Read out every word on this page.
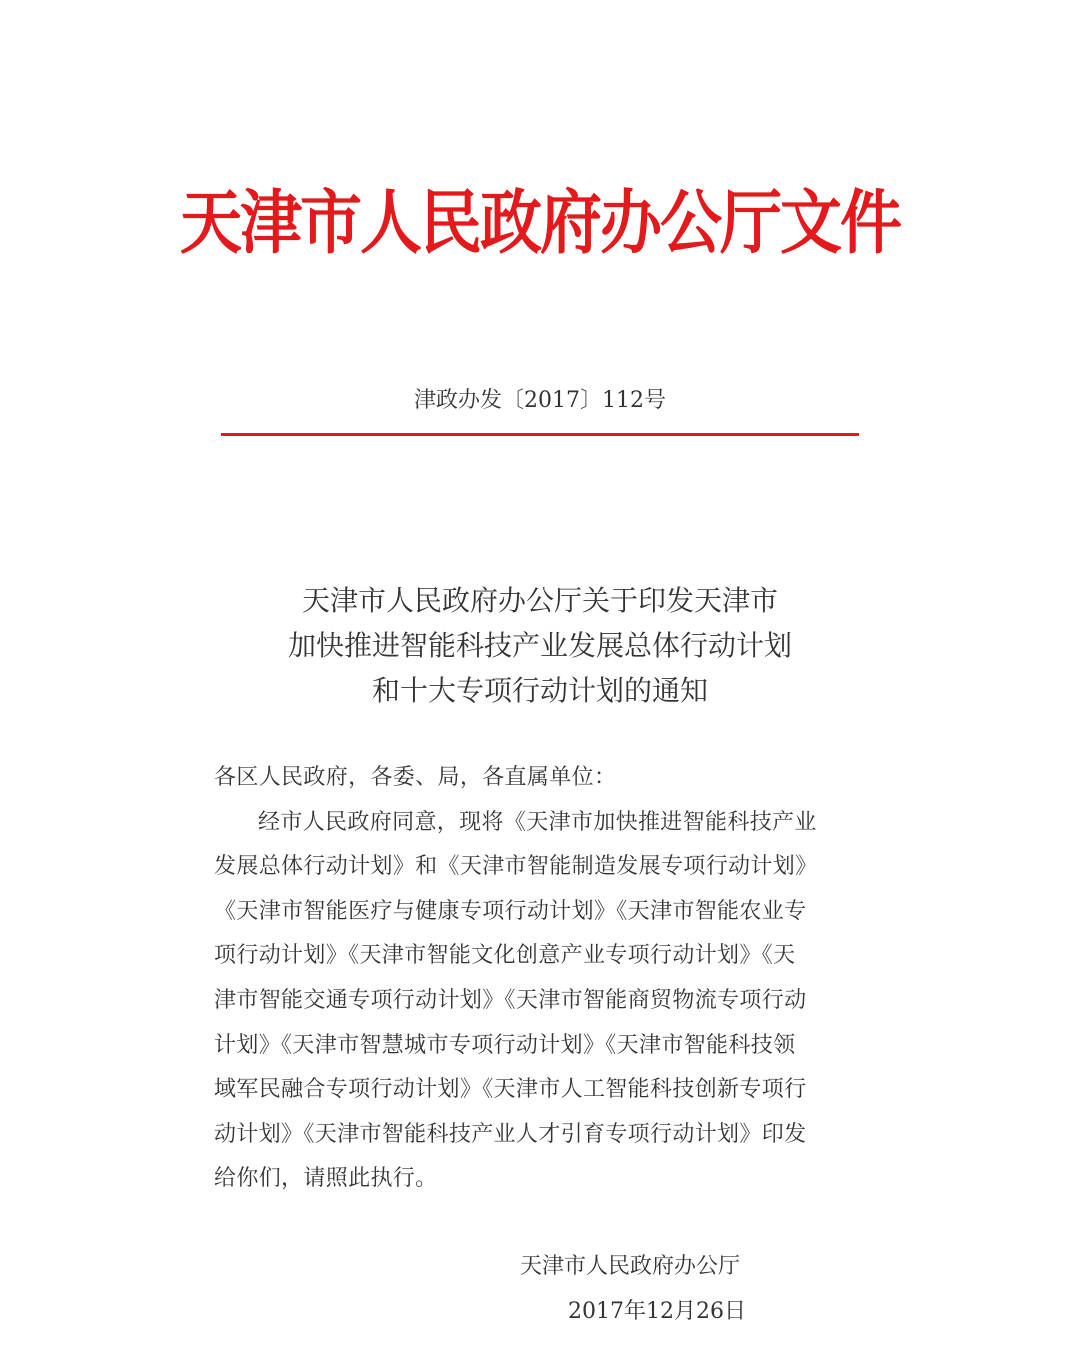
天津市人民政府办公厅文件
津政办发〔2017〕112号
天津市人民政府办公厅关于印发天津市
加快推进智能科技产业发展总体行动计划
和十大专项行动计划的通知
各区人民政府，各委、局，各直属单位：
经市人民政府同意，现将《天津市加快推进智能科技产业
发展总体行动计划》和《天津市智能制造发展专项行动计划》
《天津市智能医疗与健康专项行动计划》《天津市智能农业专
项行动计划》《天津市智能文化创意产业专项行动计划》《天
津市智能交通专项行动计划》《天津市智能商贸物流专项行动
计划》《天津市智慧城市专项行动计划》《天津市智能科技领
域军民融合专项行动计划》《天津市人工智能科技创新专项行
动计划》《天津市智能科技产业人才引育专项行动计划》印发
给你们，请照此执行。
天津市人民政府办公厅
2017年12月26日
